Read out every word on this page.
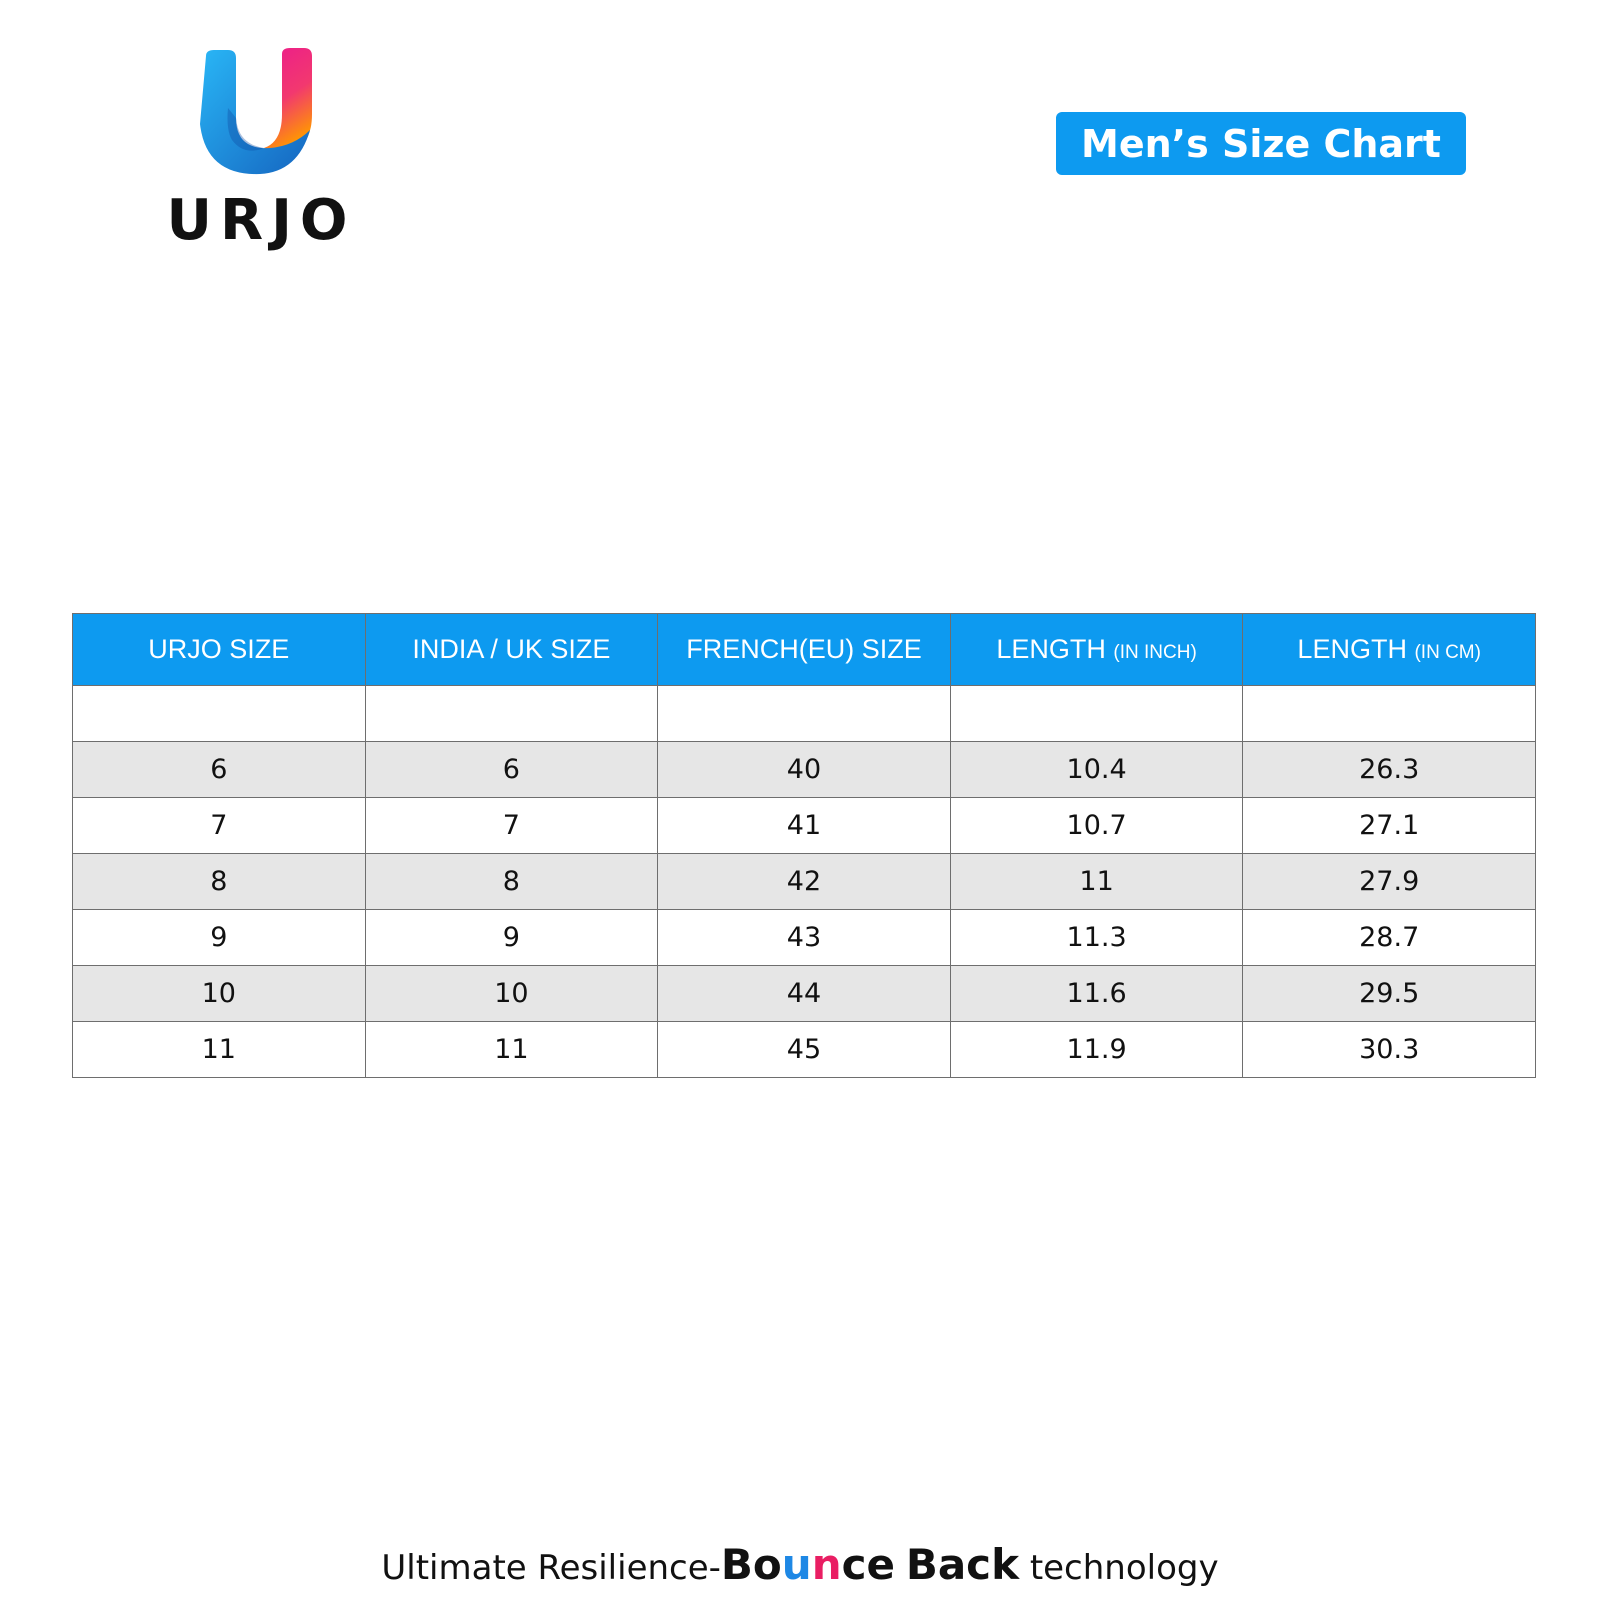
URJO
Men’s Size Chart
URJO SIZE	INDIA / UK SIZE	FRENCH(EU) SIZE	LENGTH (IN INCH)	LENGTH (IN CM)

6	6	40	10.4	26.3
7	7	41	10.7	27.1
8	8	42	11	27.9
9	9	43	11.3	28.7
10	10	44	11.6	29.5
11	11	45	11.9	30.3
Ultimate Resilience-Bounce Back technology
